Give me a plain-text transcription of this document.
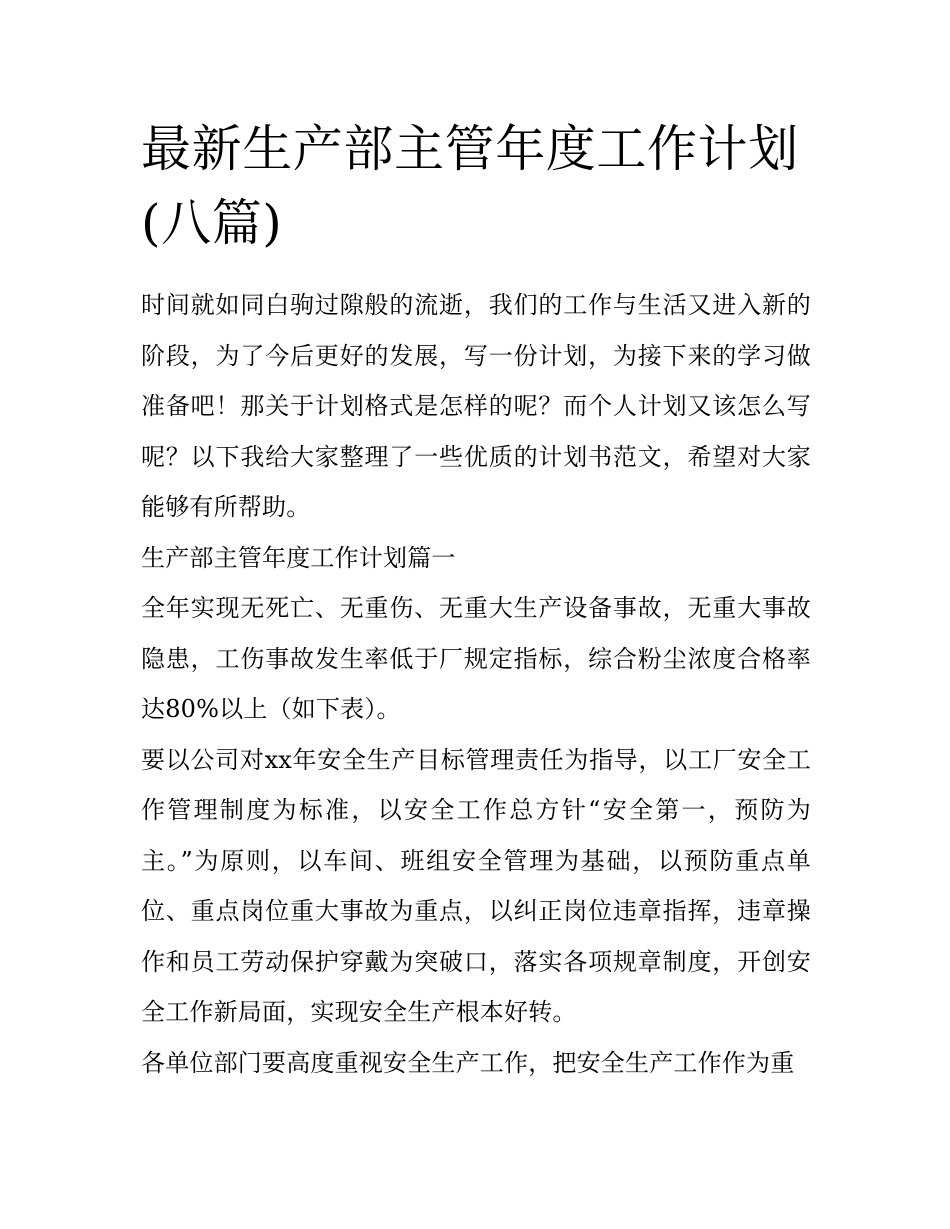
最新生产部主管年度工作计划(八篇)

时间就如同白驹过隙般的流逝，我们的工作与生活又进入新的阶段，为了今后更好的发展，写一份计划，为接下来的学习做准备吧！那关于计划格式是怎样的呢？而个人计划又该怎么写呢？以下我给大家整理了一些优质的计划书范文，希望对大家能够有所帮助。

生产部主管年度工作计划篇一

全年实现无死亡、无重伤、无重大生产设备事故，无重大事故隐患，工伤事故发生率低于厂规定指标，综合粉尘浓度合格率达80%以上（如下表）。

要以公司对xx年安全生产目标管理责任为指导，以工厂安全工作管理制度为标准，以安全工作总方针“安全第一，预防为主。”为原则，以车间、班组安全管理为基础，以预防重点单位、重点岗位重大事故为重点，以纠正岗位违章指挥，违章操作和员工劳动保护穿戴为突破口，落实各项规章制度，开创安全工作新局面，实现安全生产根本好转。

各单位部门要高度重视安全生产工作，把安全生产工作作为重
